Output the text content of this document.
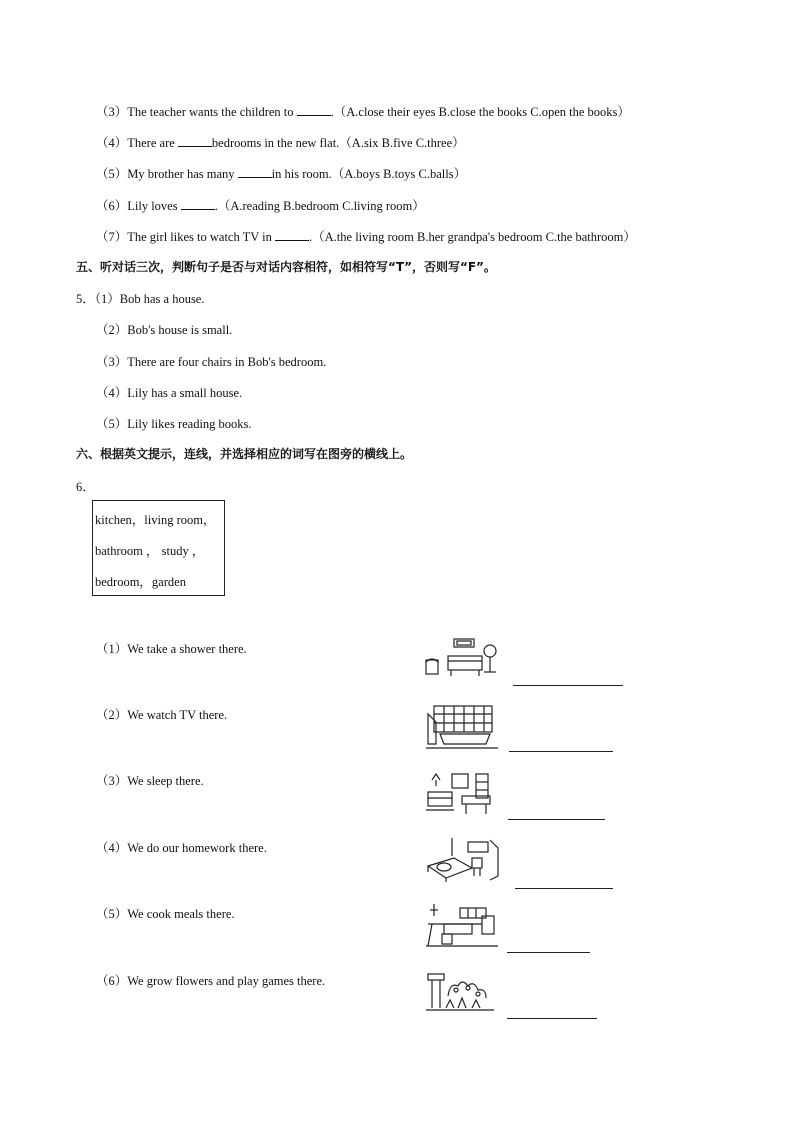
（3）The teacher wants the children to	.（A.close their eyes B.close the books C.open the books）
（4）There are	bedrooms in the new flat.（A.six B.five C.three）
（5）My brother has many	in his room.（A.boys B.toys C.balls）
（6）Lily loves	.（A.reading B.bedroom C.living room）
（7）The girl likes to watch TV in	.（A.the living room B.her grandpa's bedroom C.the bathroom）
五、听对话三次，判断句子是否与对话内容相符，如相符写“T”，否则写“F”。
5．（1）Bob has a house.
（2）Bob's house is small.
（3）There are four chairs in Bob's bedroom.
（4）Lily has a small house.
（5）Lily likes reading books.
六、根据英文提示，连线，并选择相应的词写在图旁的横线上。
6．
kitchen，living room，
bathroom ， study ，
bedroom，garden
（1）We take a shower there.
（2）We watch TV there.
（3）We sleep there.
（4）We do our homework there.
（5）We cook meals there.
（6）We grow flowers and play games there.
